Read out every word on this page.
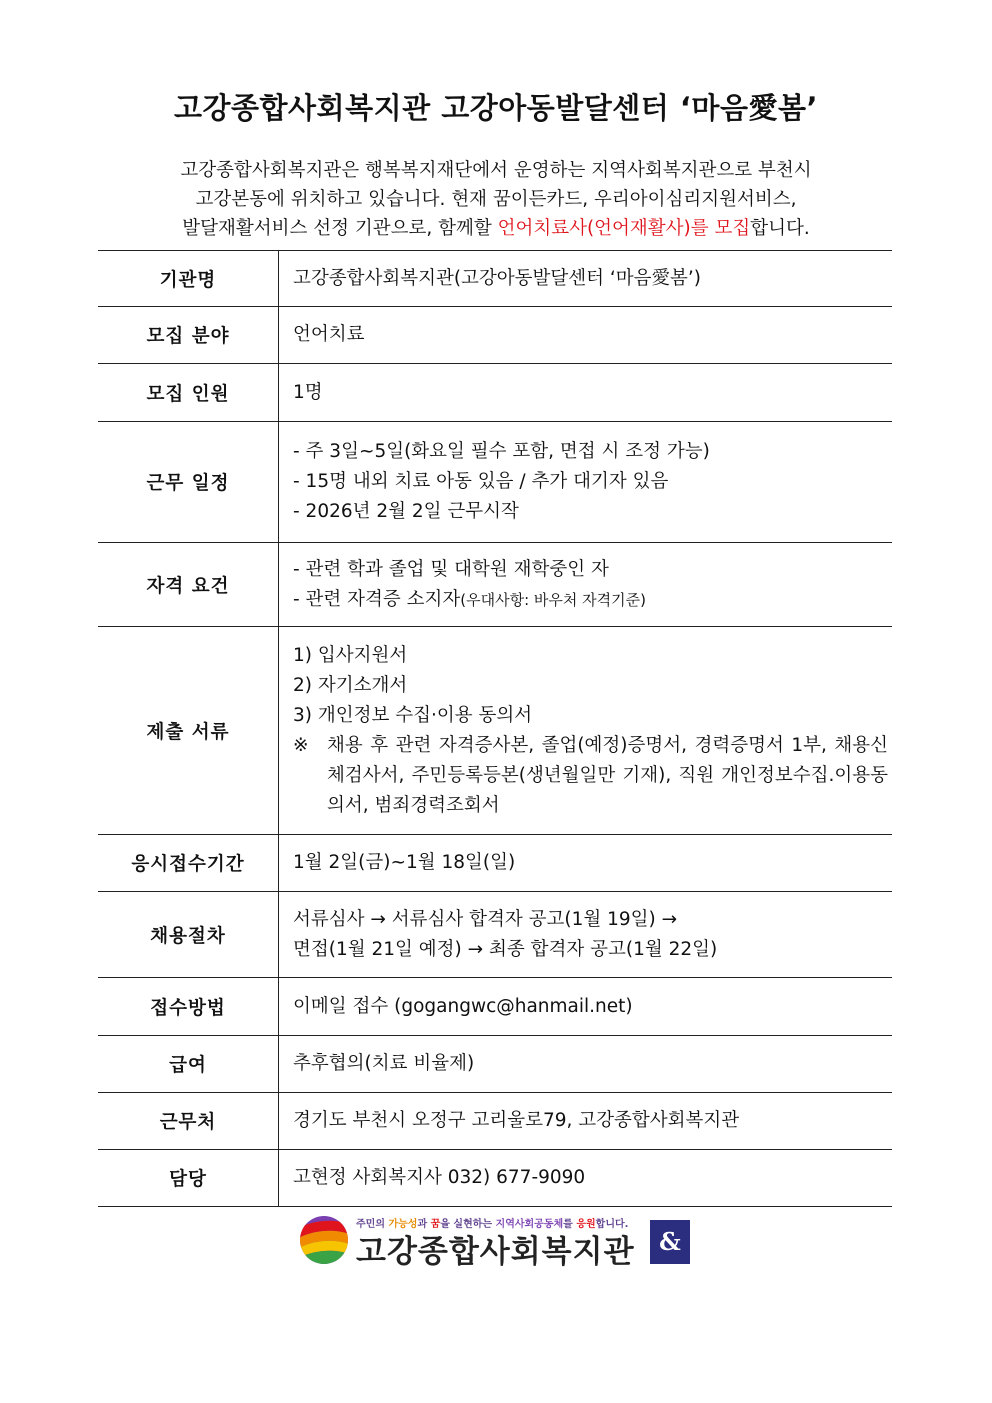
고강종합사회복지관 고강아동발달센터 ‘마음愛봄’
고강종합사회복지관은 행복복지재단에서 운영하는 지역사회복지관으로 부천시
고강본동에 위치하고 있습니다. 현재 꿈이든카드, 우리아이심리지원서비스,
발달재활서비스 선정 기관으로, 함께할 언어치료사(언어재활사)를 모집합니다.
기관명	고강종합사회복지관(고강아동발달센터 ‘마음愛봄’)
모집 분야	언어치료
모집 인원	1명
근무 일정	- 주 3일~5일(화요일 필수 포함, 면접 시 조정 가능)
- 15명 내외 치료 아동 있음 / 추가 대기자 있음
- 2026년 2월 2일 근무시작

자격 요건	- 관련 학과 졸업 및 대학원 재학중인 자
- 관련 자격증 소지자(우대사항: 바우처 자격기준)

제출 서류	1) 입사지원서
2) 자기소개서
3) 개인정보 수집·이용 동의서
※ 채용 후 관련 자격증사본, 졸업(예정)증명서, 경력증명서 1부, 채용신체검사서, 주민등록등본(생년월일만 기재), 직원 개인정보수집.이용동의서, 범죄경력조회서

응시접수기간	1월 2일(금)~1월 18일(일)
채용절차	서류심사 → 서류심사 합격자 공고(1월 19일) →
면접(1월 21일 예정) → 최종 합격자 공고(1월 22일)

접수방법	이메일 접수 (gogangwc@hanmail.net)
급여	추후협의(치료 비율제)
근무처	경기도 부천시 오정구 고리울로79, 고강종합사회복지관
담당	고현정 사회복지사 032) 677-9090
주민의 가능성과 꿈을 실현하는 지역사회공동체를 응원합니다.
고강종합사회복지관	&
